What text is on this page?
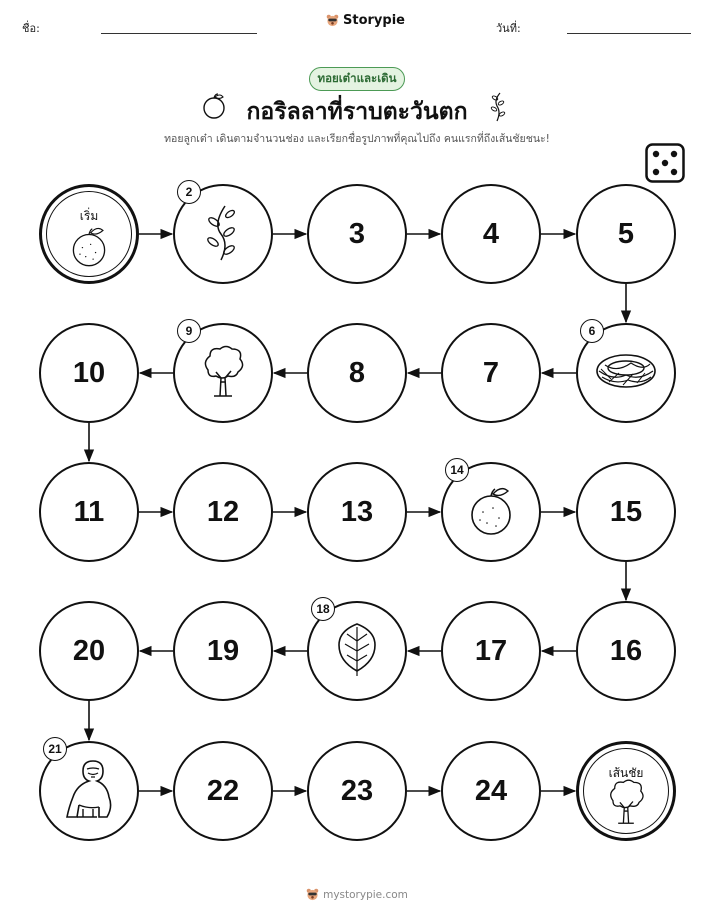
ชื่อ:
Storypie
วันที่:
ทอยเต๋าและเดิน
กอริลลาที่ราบตะวันตก
ทอยลูกเต๋า เดินตามจำนวนช่อง และเรียกชื่อรูปภาพที่คุณไปถึง คนแรกที่ถึงเส้นชัยชนะ!
เริ่ม
2
3	4	5
6
7
8
9
10
11	12	13
14
15
16
17
18
19
20
21
22	23	24
เส้นชัย
mystorypie.com
